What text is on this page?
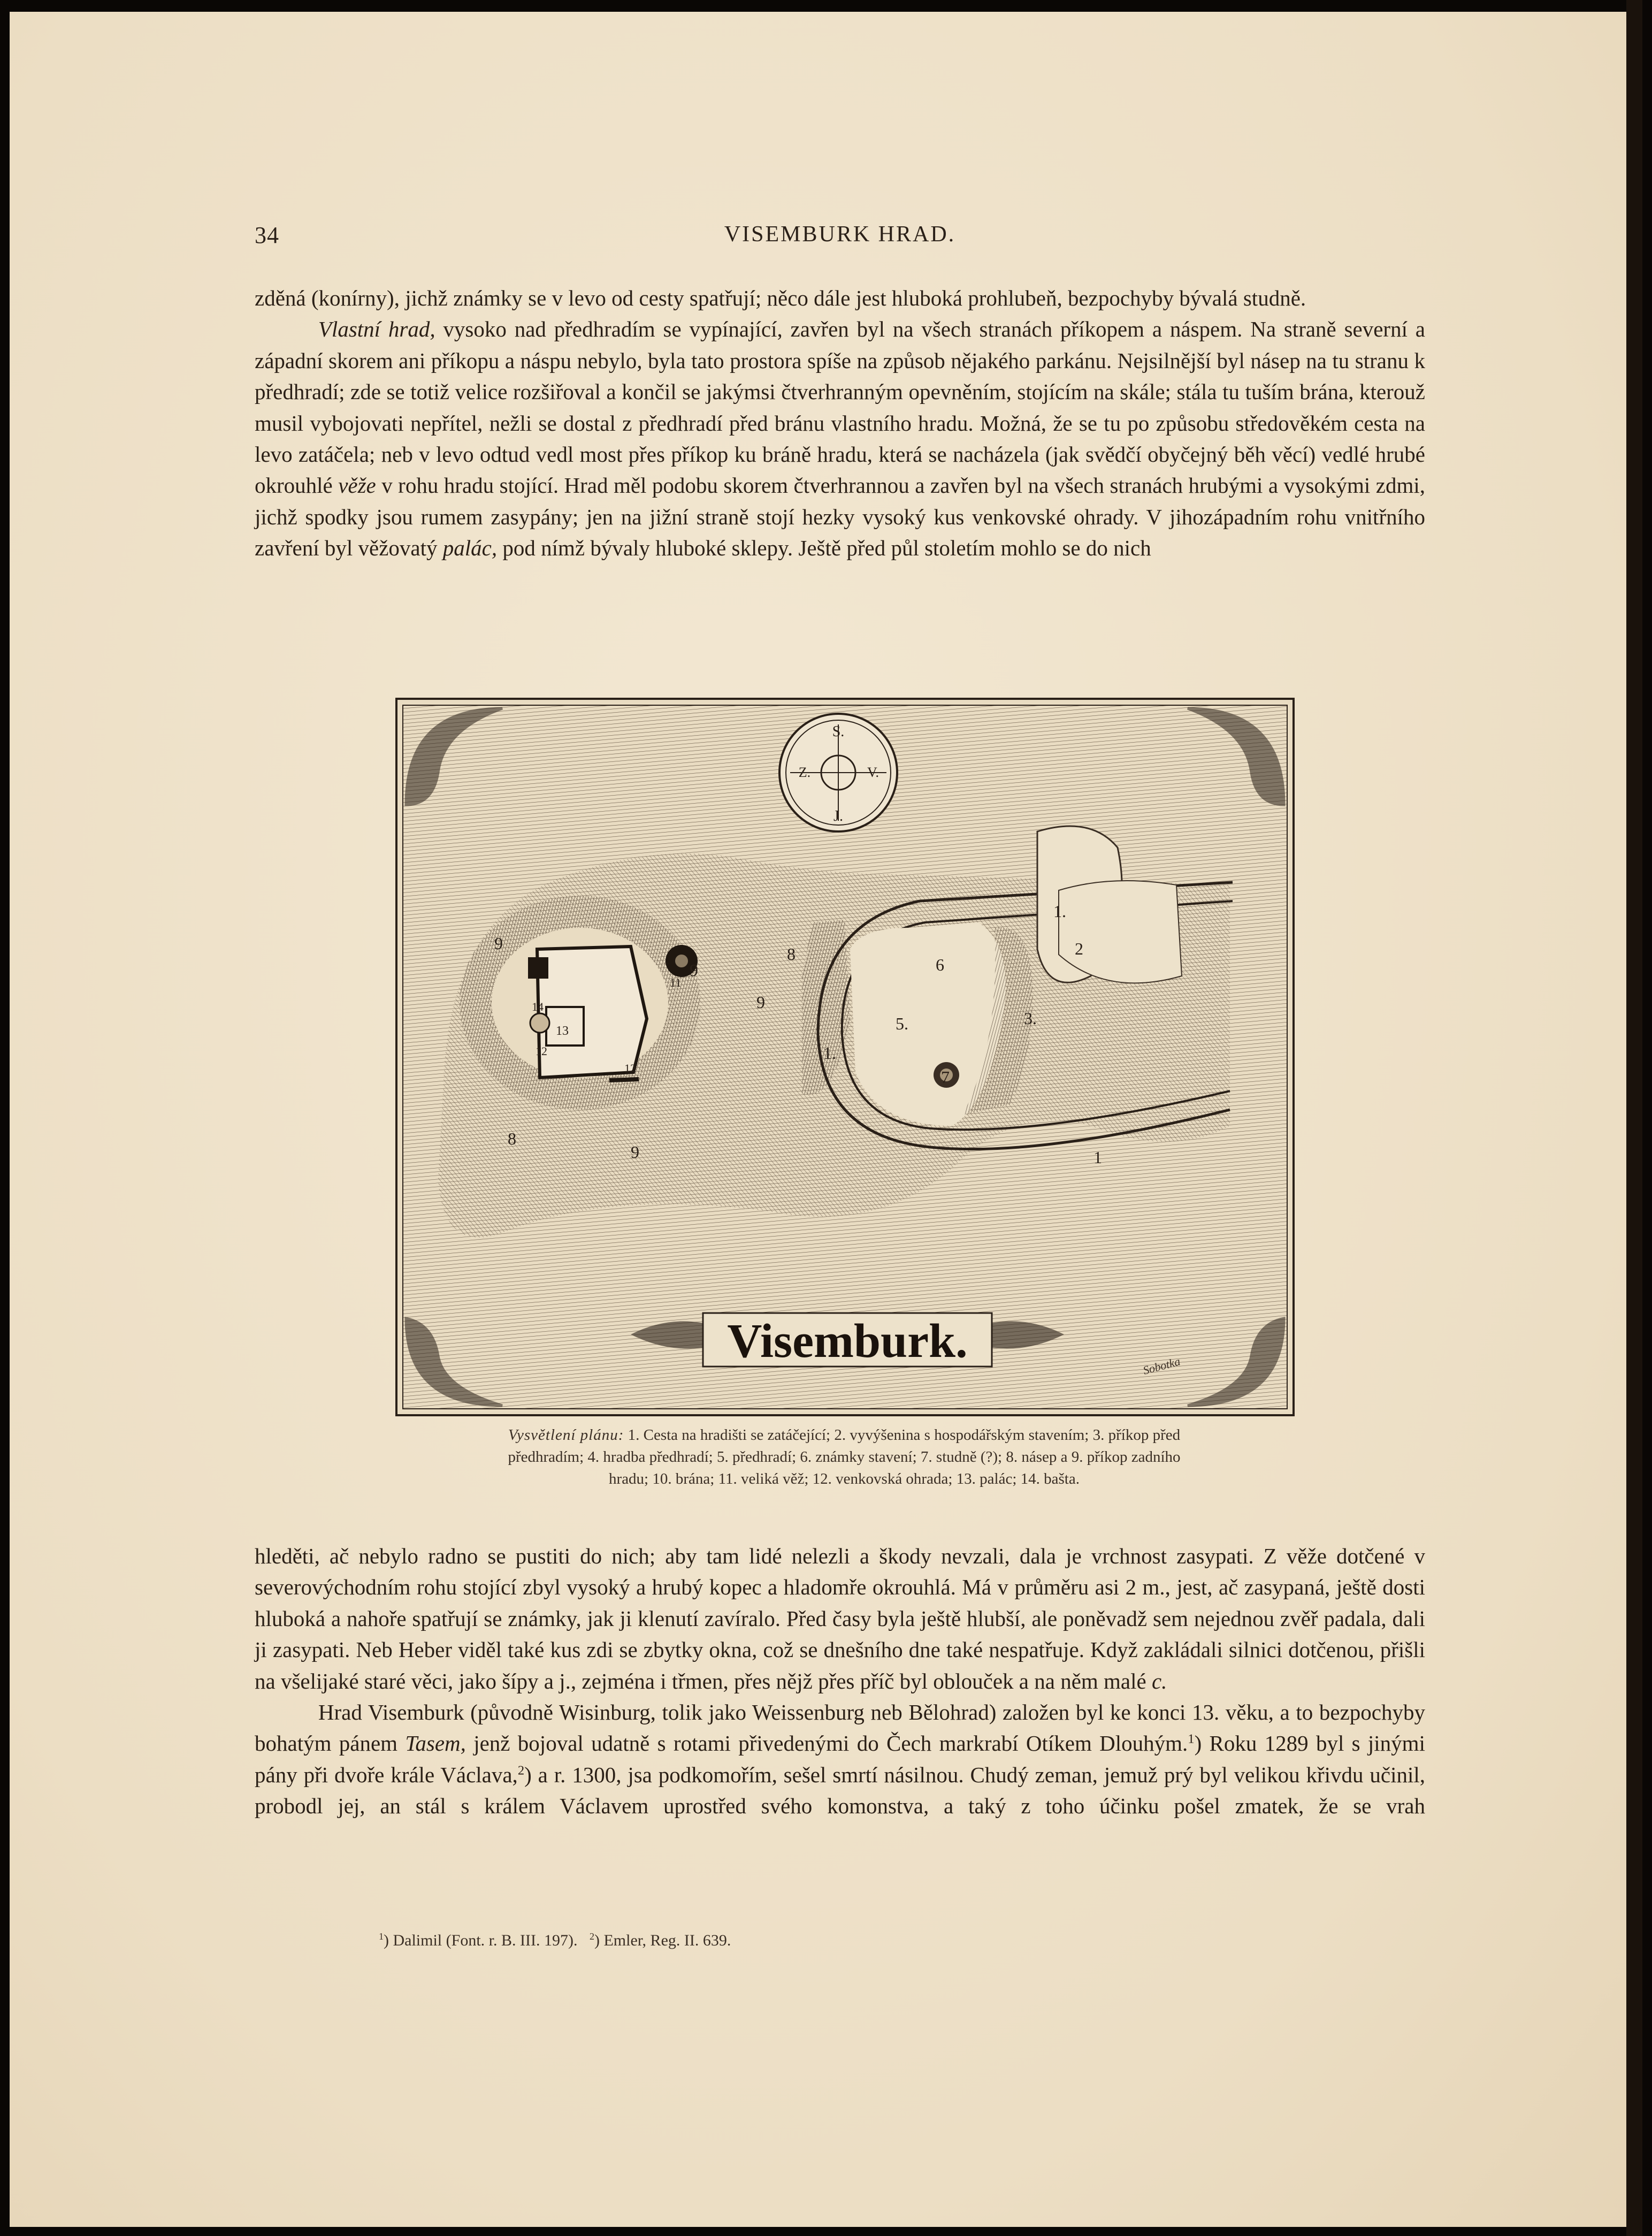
34	VISEMBURK HRAD.

zděná (konírny), jichž známky se v levo od cesty spatřují; něco dále jest hluboká prohlubeň, bezpochyby bývalá studně.

Vlastní hrad, vysoko nad předhradím se vypínající, zavřen byl na všech stranách příkopem a náspem. Na straně severní a západní skorem ani příkopu a náspu nebylo, byla tato prostora spíše na způsob nějakého parkánu. Nejsilnější byl násep na tu stranu k předhradí; zde se totiž velice rozšiřoval a končil se jakýmsi čtverhranným opevněním, stojícím na skále; stála tu tuším brána, kterouž musil vybojovati nepřítel, nežli se dostal z předhradí před bránu vlastního hradu. Možná, že se tu po způsobu středověkém cesta na levo zatáčela; neb v levo odtud vedl most přes příkop ku bráně hradu, která se nacházela (jak svědčí obyčejný běh věcí) vedlé hrubé okrouhlé věže v rohu hradu stojící. Hrad měl podobu skorem čtverhrannou a zavřen byl na všech stranách hrubými a vysokými zdmi, jichž spodky jsou rumem zasypány; jen na jižní straně stojí hezky vysoký kus venkovské ohrady. V jihozápadním rohu vnitřního zavření byl věžovatý palác, pod nímž bývaly hluboké sklepy. Ještě před půl stoletím mohlo se do nich

S.
J.
Z.	V.
1.
2
3.
5.
6
7
8
9
9
9
9
8
1.
1
14
13
12
12
11
Visemburk.	Sobotka
Vysvětlení plánu: 1. Cesta na hradišti se zatáčející; 2. vyvýšenina s hospodářským stavením; 3. příkop před
předhradím; 4. hradba předhradí; 5. předhradí; 6. známky stavení; 7. studně (?); 8. násep a 9. příkop zadního
hradu; 10. brána; 11. veliká věž; 12. venkovská ohrada; 13. palác; 14. bašta.

hleděti, ač nebylo radno se pustiti do nich; aby tam lidé nelezli a škody nevzali, dala je vrchnost zasypati. Z věže dotčené v severovýchodním rohu stojící zbyl vysoký a hrubý kopec a hladomře okrouhlá. Má v průměru asi 2 m., jest, ač zasypaná, ještě dosti hluboká a nahoře spatřují se známky, jak ji klenutí zavíralo. Před časy byla ještě hlubší, ale poněvadž sem nejednou zvěř padala, dali ji zasypati. Neb Heber viděl také kus zdi se zbytky okna, což se dnešního dne také nespatřuje. Když zakládali silnici dotčenou, přišli na všelijaké staré věci, jako šípy a j., zejména i třmen, přes nějž přes příč byl oblouček a na něm malé c.

Hrad Visemburk (původně Wisinburg, tolik jako Weissenburg neb Bělohrad) založen byl ke konci 13. věku, a to bezpochyby bohatým pánem Tasem, jenž bojoval udatně s rotami přivedenými do Čech markrabí Otíkem Dlouhým.$^1$) Roku 1289 byl s jinými pány při dvoře krále Václava,$^2$) a r. 1300, jsa podkomořím, sešel smrtí násilnou. Chudý zeman, jemuž prý byl velikou křivdu učinil, probodl jej, an stál s králem Václavem uprostřed svého komonstva, a taký z toho účinku pošel zmatek, že se vrah

$^1$) Dalimil (Font. r. B. III. 197). $^2$) Emler, Reg. II. 639.
